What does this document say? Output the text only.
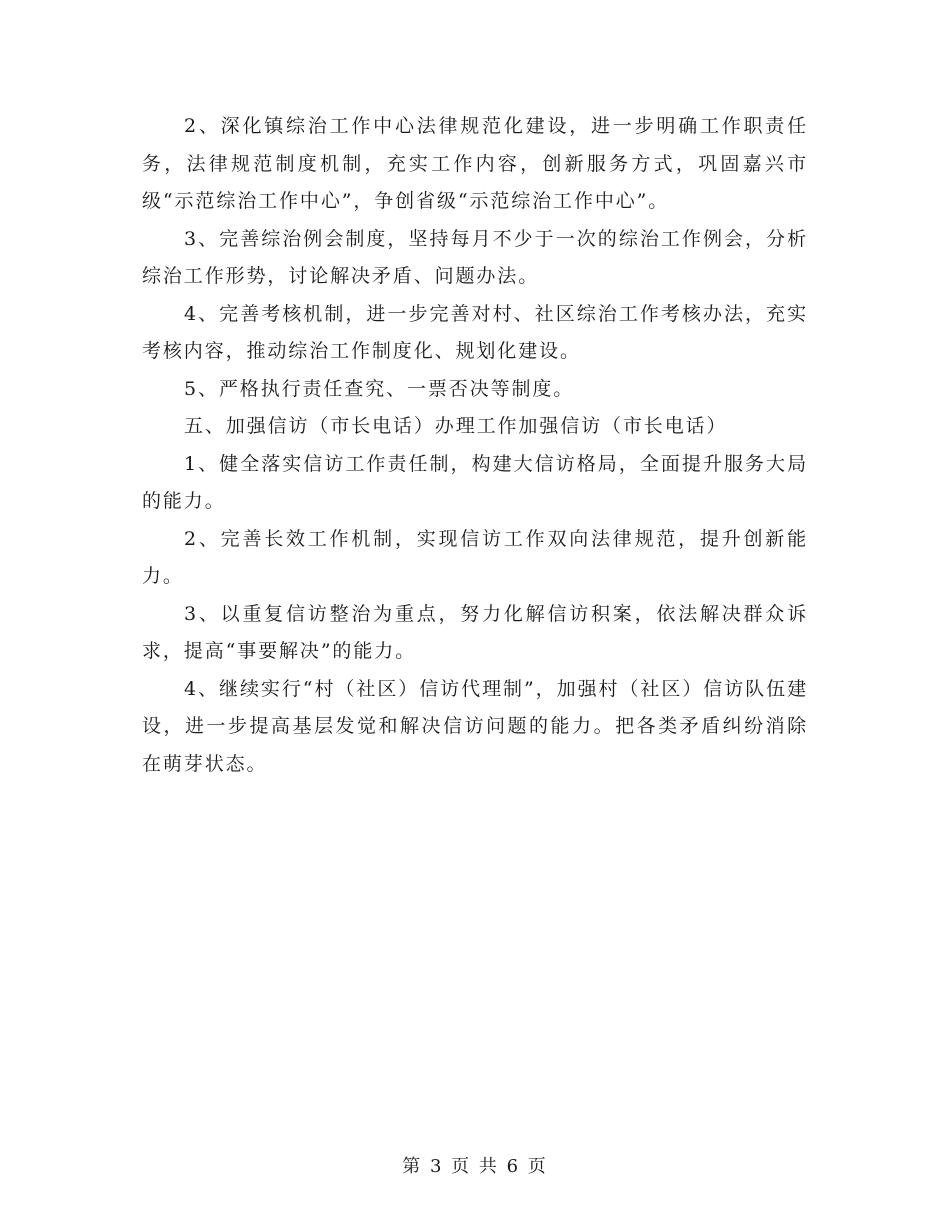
2、深化镇综治工作中心法律规范化建设，进一步明确工作职责任务，法律规范制度机制，充实工作内容，创新服务方式，巩固嘉兴市级“示范综治工作中心”，争创省级“示范综治工作中心”。

3、完善综治例会制度，坚持每月不少于一次的综治工作例会，分析综治工作形势，讨论解决矛盾、问题办法。

4、完善考核机制，进一步完善对村、社区综治工作考核办法，充实考核内容，推动综治工作制度化、规划化建设。

5、严格执行责任查究、一票否决等制度。

五、加强信访（市长电话）办理工作加强信访（市长电话）

1、健全落实信访工作责任制，构建大信访格局，全面提升服务大局的能力。

2、完善长效工作机制，实现信访工作双向法律规范，提升创新能力。

3、以重复信访整治为重点，努力化解信访积案，依法解决群众诉求，提高“事要解决”的能力。

4、继续实行“村（社区）信访代理制”，加强村（社区）信访队伍建设，进一步提高基层发觉和解决信访问题的能力。把各类矛盾纠纷消除在萌芽状态。

第 3 页 共 6 页
